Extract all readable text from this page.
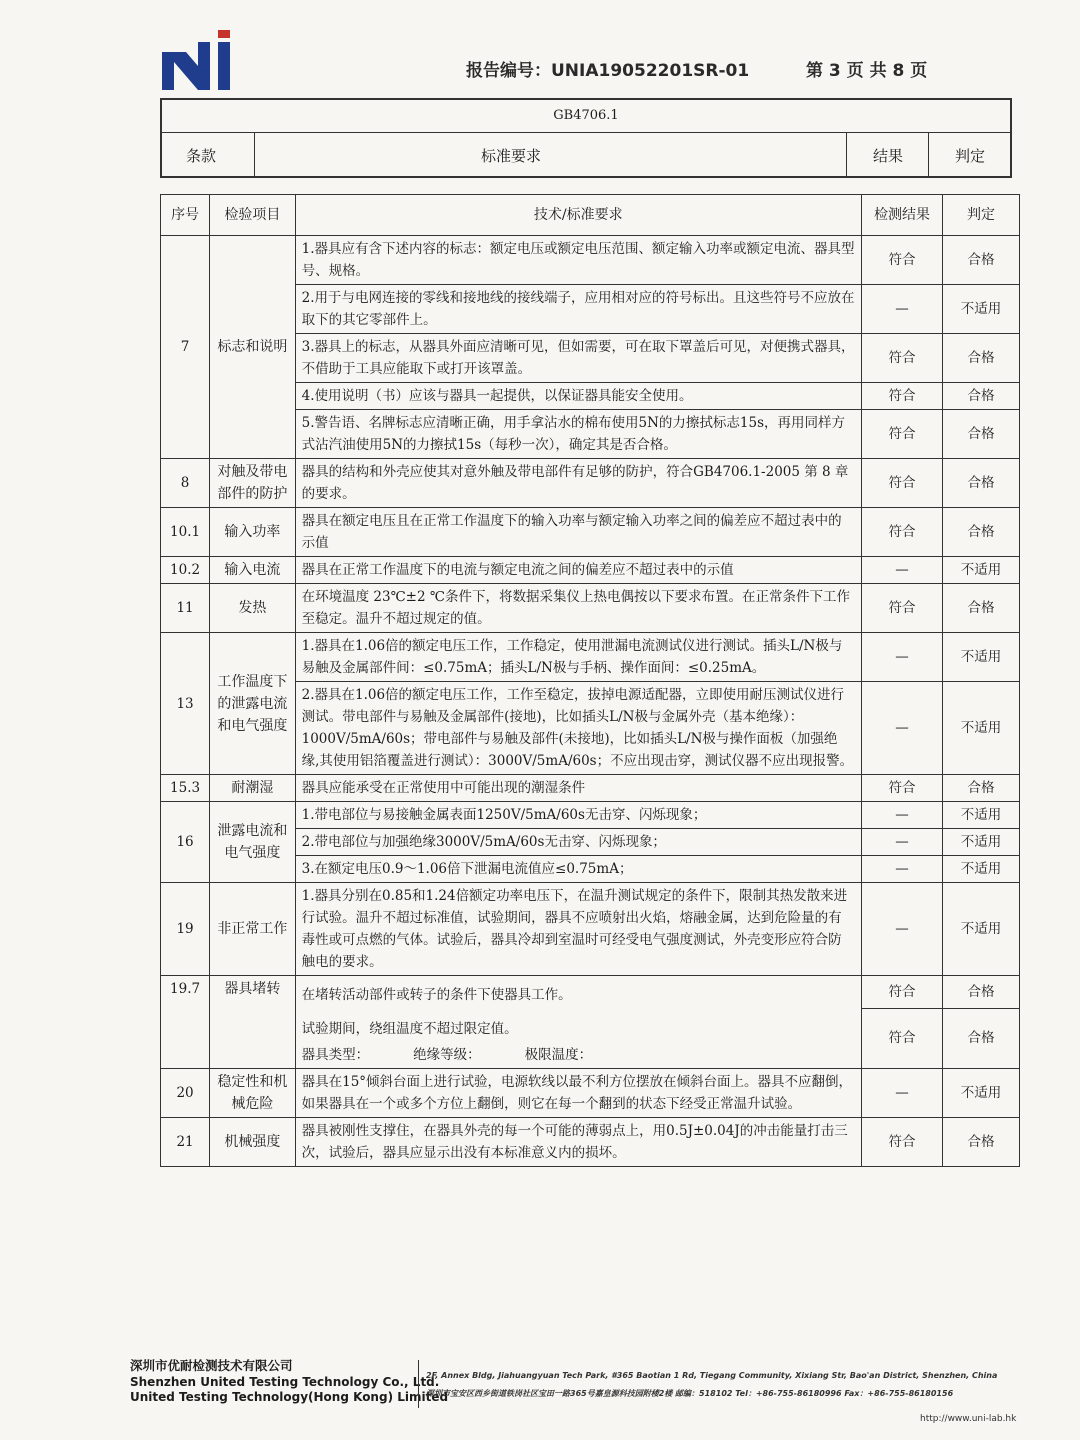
报告编号：UNIA19052201SR-01	第 3 页 共 8 页
GB4706.1
条款	标准要求	结果	判定
序号	检验项目	技术/标准要求	检测结果	判定
7	标志和说明	1.器具应有含下述内容的标志：额定电压或额定电压范围、额定输入功率或额定电流、器具型号、规格。	符合	合格
		2.用于与电网连接的零线和接地线的接线端子，应用相对应的符号标出。且这些符号不应放在取下的其它零部件上。	—	不适用
		3.器具上的标志，从器具外面应清晰可见，但如需要，可在取下罩盖后可见，对便携式器具，不借助于工具应能取下或打开该罩盖。	符合	合格
		4.使用说明（书）应该与器具一起提供，以保证器具能安全使用。	符合	合格
		5.警告语、名牌标志应清晰正确，用手拿沾水的棉布使用5N的力擦拭标志15s，再用同样方式沾汽油使用5N的力擦拭15s（每秒一次），确定其是否合格。	符合	合格
8	对触及带电部件的防护	器具的结构和外壳应使其对意外触及带电部件有足够的防护，符合GB4706.1-2005 第 8 章的要求。	符合	合格
10.1	输入功率	器具在额定电压且在正常工作温度下的输入功率与额定输入功率之间的偏差应不超过表中的示值	符合	合格
10.2	输入电流	器具在正常工作温度下的电流与额定电流之间的偏差应不超过表中的示值	—	不适用
11	发热	在环境温度 23℃±2 ℃条件下，将数据采集仪上热电偶按以下要求布置。在正常条件下工作至稳定。温升不超过规定的值。	符合	合格
13	工作温度下的泄露电流和电气强度	1.器具在1.06倍的额定电压工作，工作稳定，使用泄漏电流测试仪进行测试。插头L/N极与易触及金属部件间：≤0.75mA；插头L/N极与手柄、操作面间：≤0.25mA。	—	不适用
		2.器具在1.06倍的额定电压工作，工作至稳定，拔掉电源适配器，立即使用耐压测试仪进行测试。带电部件与易触及金属部件(接地)，比如插头L/N极与金属外壳（基本绝缘）：1000V/5mA/60s；带电部件与易触及部件(未接地)，比如插头L/N极与操作面板（加强绝缘,其使用铝箔覆盖进行测试）：3000V/5mA/60s；不应出现击穿，测试仪器不应出现报警。	—	不适用
15.3	耐潮湿	器具应能承受在正常使用中可能出现的潮湿条件	符合	合格
16	泄露电流和电气强度	1.带电部位与易接触金属表面1250V/5mA/60s无击穿、闪烁现象；	—	不适用
		2.带电部位与加强绝缘3000V/5mA/60s无击穿、闪烁现象；	—	不适用
		3.在额定电压0.9～1.06倍下泄漏电流值应≤0.75mA；	—	不适用
19	非正常工作	1.器具分别在0.85和1.24倍额定功率电压下，在温升测试规定的条件下，限制其热发散来进行试验。温升不超过标准值，试验期间，器具不应喷射出火焰，熔融金属，达到危险量的有毒性或可点燃的气体。试验后，器具冷却到室温时可经受电气强度测试，外壳变形应符合防触电的要求。	—	不适用
19.7	器具堵转	在堵转活动部件或转子的条件下使器具工作。	符合	合格
		试验期间，绕组温度不超过限定值。	符合	合格
		器具类型： 绝缘等级： 极限温度：		
20	稳定性和机械危险	器具在15°倾斜台面上进行试验，电源软线以最不利方位摆放在倾斜台面上。器具不应翻倒，如果器具在一个或多个方位上翻倒，则它在每一个翻到的状态下经受正常温升试验。	—	不适用
21	机械强度	器具被刚性支撑住，在器具外壳的每一个可能的薄弱点上，用0.5J±0.04J的冲击能量打击三次，试验后，器具应显示出没有本标准意义内的损坏。	符合	合格
深圳市优耐检测技术有限公司
Shenzhen United Testing Technology Co., Ltd.
United Testing Technology(Hong Kong) Limited
2F, Annex Bldg, Jiahuangyuan Tech Park, #365 Baotian 1 Rd, Tiegang Community, Xixiang Str, Bao'an District, Shenzhen, China
深圳市宝安区西乡街道铁岗社区宝田一路365号嘉皇源科技园附楼2楼 邮编：518102 Tel：+86-755-86180996 Fax：+86-755-86180156
http://www.uni-lab.hk
